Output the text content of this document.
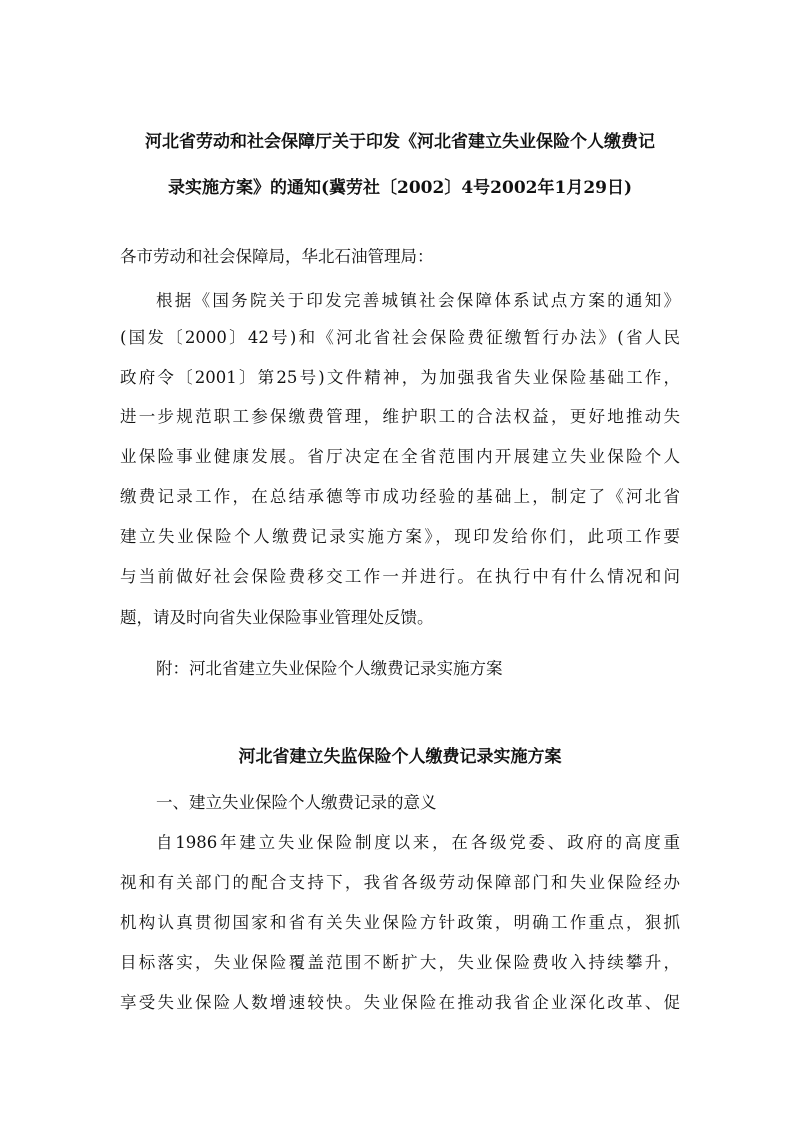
河北省劳动和社会保障厅关于印发《河北省建立失业保险个人缴费记
录实施方案》的通知(冀劳社〔2002〕4号2002年1月29日)
各市劳动和社会保障局，华北石油管理局：
根据《国务院关于印发完善城镇社会保障体系试点方案的通知》
(国发〔2000〕42号)和《河北省社会保险费征缴暂行办法》(省人民
政府令〔2001〕第25号)文件精神，为加强我省失业保险基础工作，
进一步规范职工参保缴费管理，维护职工的合法权益，更好地推动失
业保险事业健康发展。省厅决定在全省范围内开展建立失业保险个人
缴费记录工作，在总结承德等市成功经验的基础上，制定了《河北省
建立失业保险个人缴费记录实施方案》，现印发给你们，此项工作要
与当前做好社会保险费移交工作一并进行。在执行中有什么情况和问
题，请及时向省失业保险事业管理处反馈。
附：河北省建立失业保险个人缴费记录实施方案
河北省建立失监保险个人缴费记录实施方案
一、建立失业保险个人缴费记录的意义
自1986年建立失业保险制度以来，在各级党委、政府的高度重
视和有关部门的配合支持下，我省各级劳动保障部门和失业保险经办
机构认真贯彻国家和省有关失业保险方针政策，明确工作重点，狠抓
目标落实，失业保险覆盖范围不断扩大，失业保险费收入持续攀升，
享受失业保险人数增速较快。失业保险在推动我省企业深化改革、促
